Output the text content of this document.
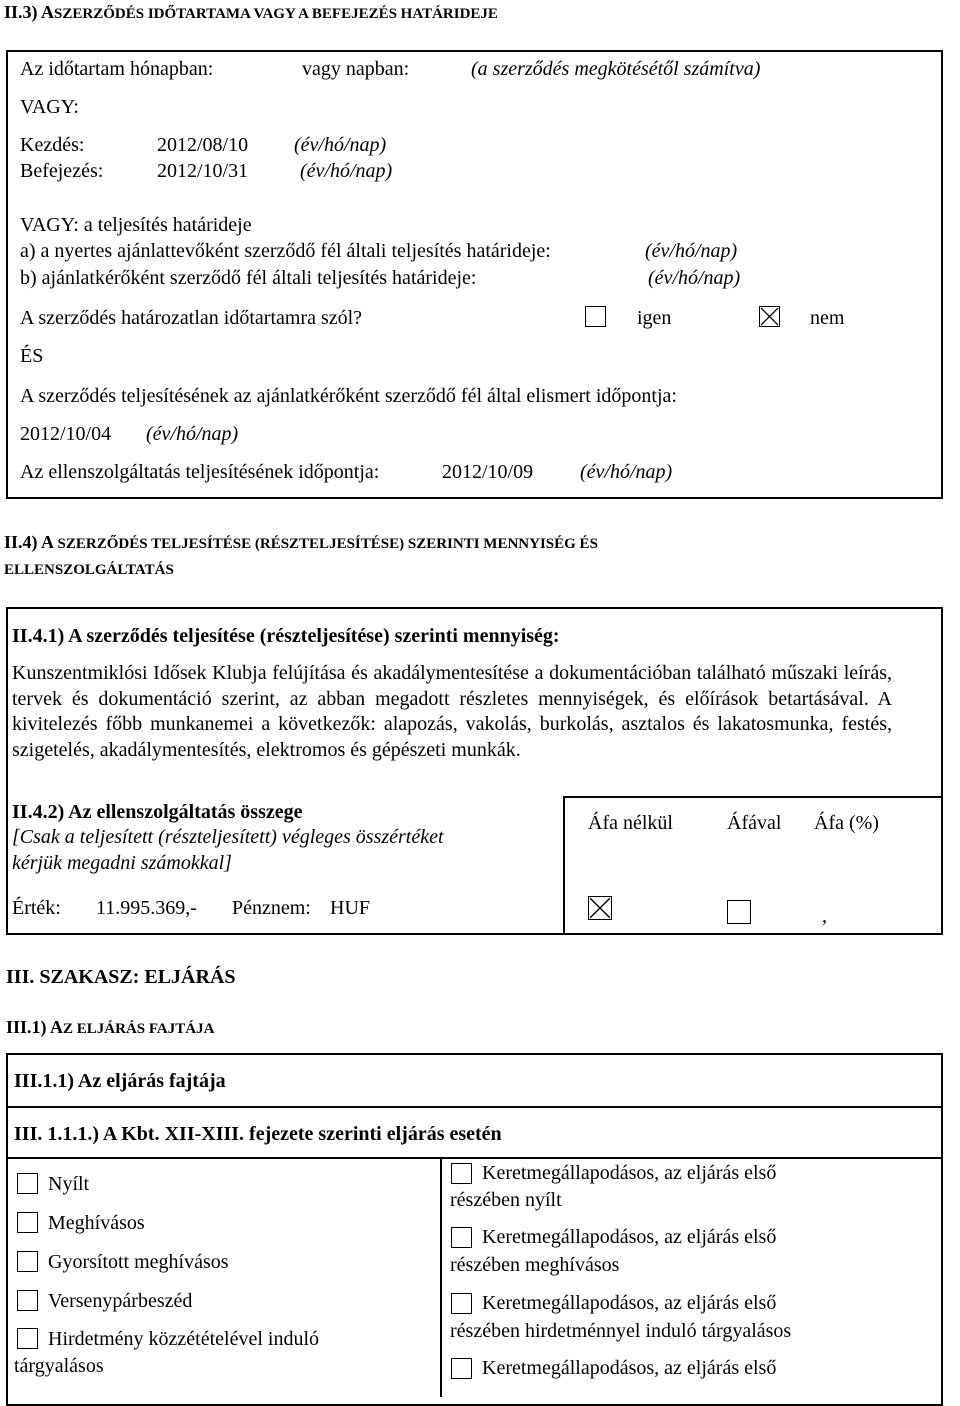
II.3) ASZERZŐDÉS IDŐTARTAMA VAGY A BEFEJEZÉS HATÁRIDEJE
Az időtartam hónapban:	vagy napban:	(a szerződés megkötésétől számítva)
VAGY:
Kezdés:	2012/08/10 (év/hó/nap)
Befejezés:	2012/10/31	(év/hó/nap)
VAGY: a teljesítés határideje
a) a nyertes ajánlattevőként szerződő fél általi teljesítés határideje:	(év/hó/nap)
b) ajánlatkérőként szerződő fél általi teljesítés határideje:	(év/hó/nap)
A szerződés határozatlan időtartamra szól?	igen	nem
ÉS
A szerződés teljesítésének az ajánlatkérőként szerződő fél által elismert időpontja:
2012/10/04 (év/hó/nap)
Az ellenszolgáltatás teljesítésének időpontja:	2012/10/09 (év/hó/nap)
II.4) A SZERZŐDÉS TELJESÍTÉSE (RÉSZTELJESÍTÉSE) SZERINTI MENNYISÉG ÉS
ELLENSZOLGÁLTATÁS
II.4.1) A szerződés teljesítése (részteljesítése) szerinti mennyiség:
Kunszentmiklósi Idősek Klubja felújítása és akadálymentesítése a dokumentációban található műszaki leírás, tervek és dokumentáció szerint, az abban megadott részletes mennyiségek, és előírások betartásával. A kivitelezés főbb munkanemei a következők: alapozás, vakolás, burkolás, asztalos és lakatosmunka, festés, szigetelés, akadálymentesítés, elektromos és gépészeti munkák.
II.4.2) Az ellenszolgáltatás összege
[Csak a teljesített (részteljesített) végleges összértéket
kérjük megadni számokkal]
Áfa nélkül	Áfával Áfa (%)
Érték: 11.995.369,- Pénznem: HUF	,
III. SZAKASZ: ELJÁRÁS
III.1) AZ ELJÁRÁS FAJTÁJA
III.1.1) Az eljárás fajtája
III. 1.1.1.) A Kbt. XII-XIII. fejezete szerinti eljárás esetén
Nyílt
Meghívásos
Gyorsított meghívásos
Versenypárbeszéd
Hirdetmény közzétételével induló
tárgyalásos
Keretmegállapodásos, az eljárás első
részében nyílt
Keretmegállapodásos, az eljárás első
részében meghívásos
Keretmegállapodásos, az eljárás első
részében hirdetménnyel induló tárgyalásos
Keretmegállapodásos, az eljárás első
